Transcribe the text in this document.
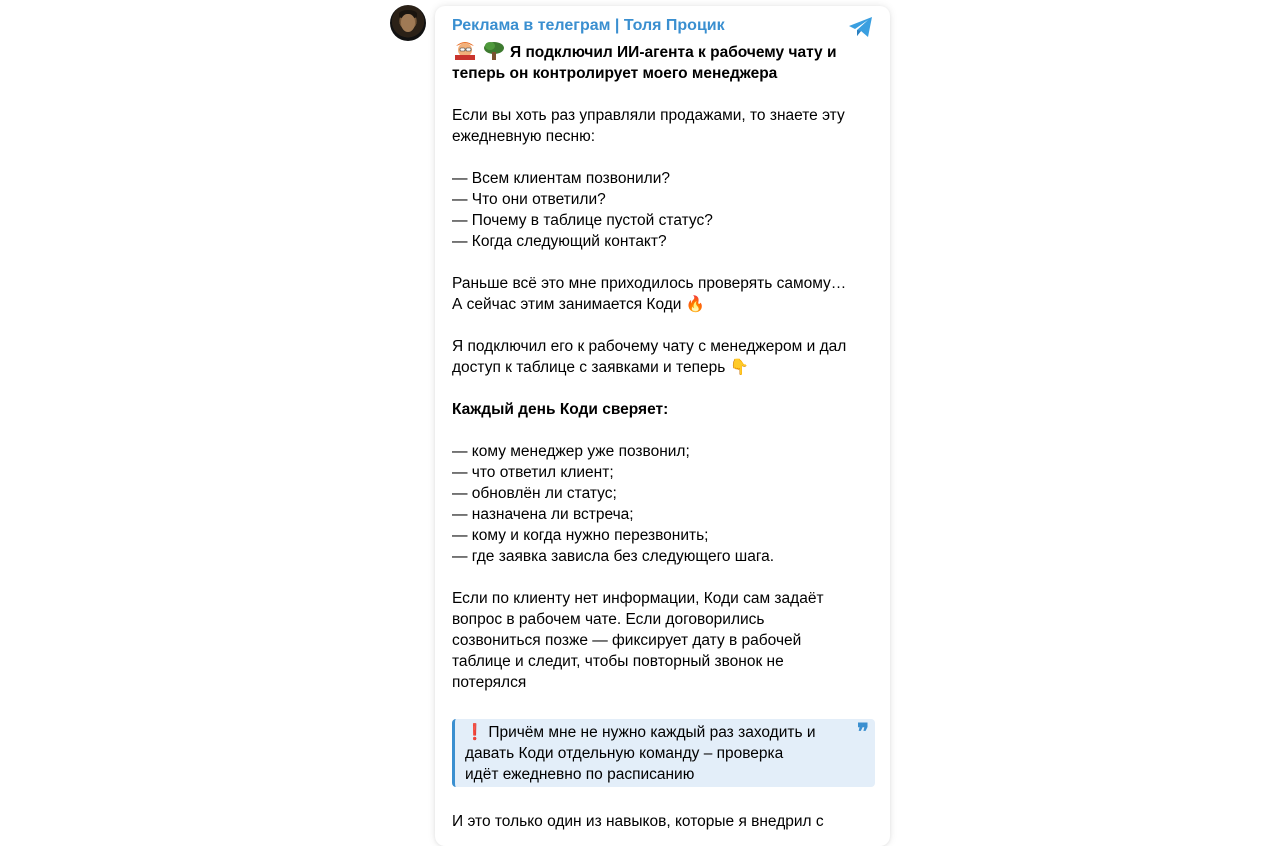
Реклама в телеграм | Толя Процик
Я подключил ИИ-агента к рабочему чату и
теперь он контролирует моего менеджера
Если вы хоть раз управляли продажами, то знаете эту
ежедневную песню:
— Всем клиентам позвонили?
— Что они ответили?
— Почему в таблице пустой статус?
— Когда следующий контакт?
Раньше всё это мне приходилось проверять самому…
А сейчас этим занимается Коди 🔥
Я подключил его к рабочему чату с менеджером и дал
доступ к таблице с заявками и теперь 👇
Каждый день Коди сверяет:
— кому менеджер уже позвонил;
— что ответил клиент;
— обновлён ли статус;
— назначена ли встреча;
— кому и когда нужно перезвонить;
— где заявка зависла без следующего шага.
Если по клиенту нет информации, Коди сам задаёт
вопрос в рабочем чате. Если договорились
созвониться позже — фиксирует дату в рабочей
таблице и следит, чтобы повторный звонок не
потерялся
❞
❗ Причём мне не нужно каждый раз заходить и
давать Коди отдельную команду – проверка
идёт ежедневно по расписанию
И это только один из навыков, которые я внедрил с
